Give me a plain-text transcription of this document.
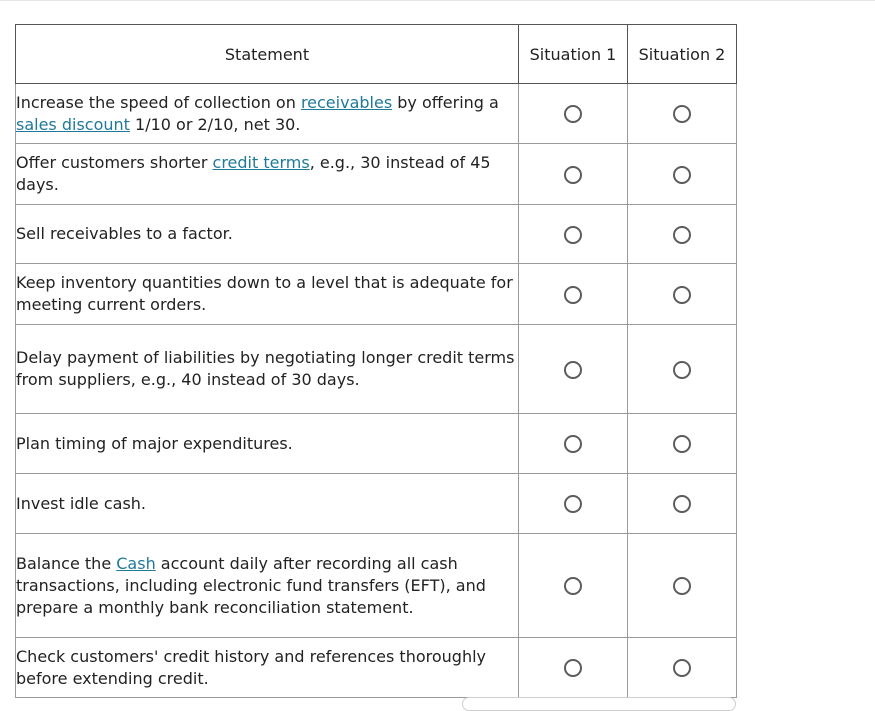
Statement	Situation 1	Situation 2
Increase the speed of collection on receivables by offering a sales discount 1/10 or 2/10, net 30.		
Offer customers shorter credit terms, e.g., 30 instead of 45 days.		
Sell receivables to a factor.		
Keep inventory quantities down to a level that is adequate for meeting current orders.		
Delay payment of liabilities by negotiating longer credit terms from suppliers, e.g., 40 instead of 30 days.		
Plan timing of major expenditures.		
Invest idle cash.		
Balance the Cash account daily after recording all cash transactions, including electronic fund transfers (EFT), and prepare a monthly bank reconciliation statement.		
Check customers' credit history and references thoroughly before extending credit.		
